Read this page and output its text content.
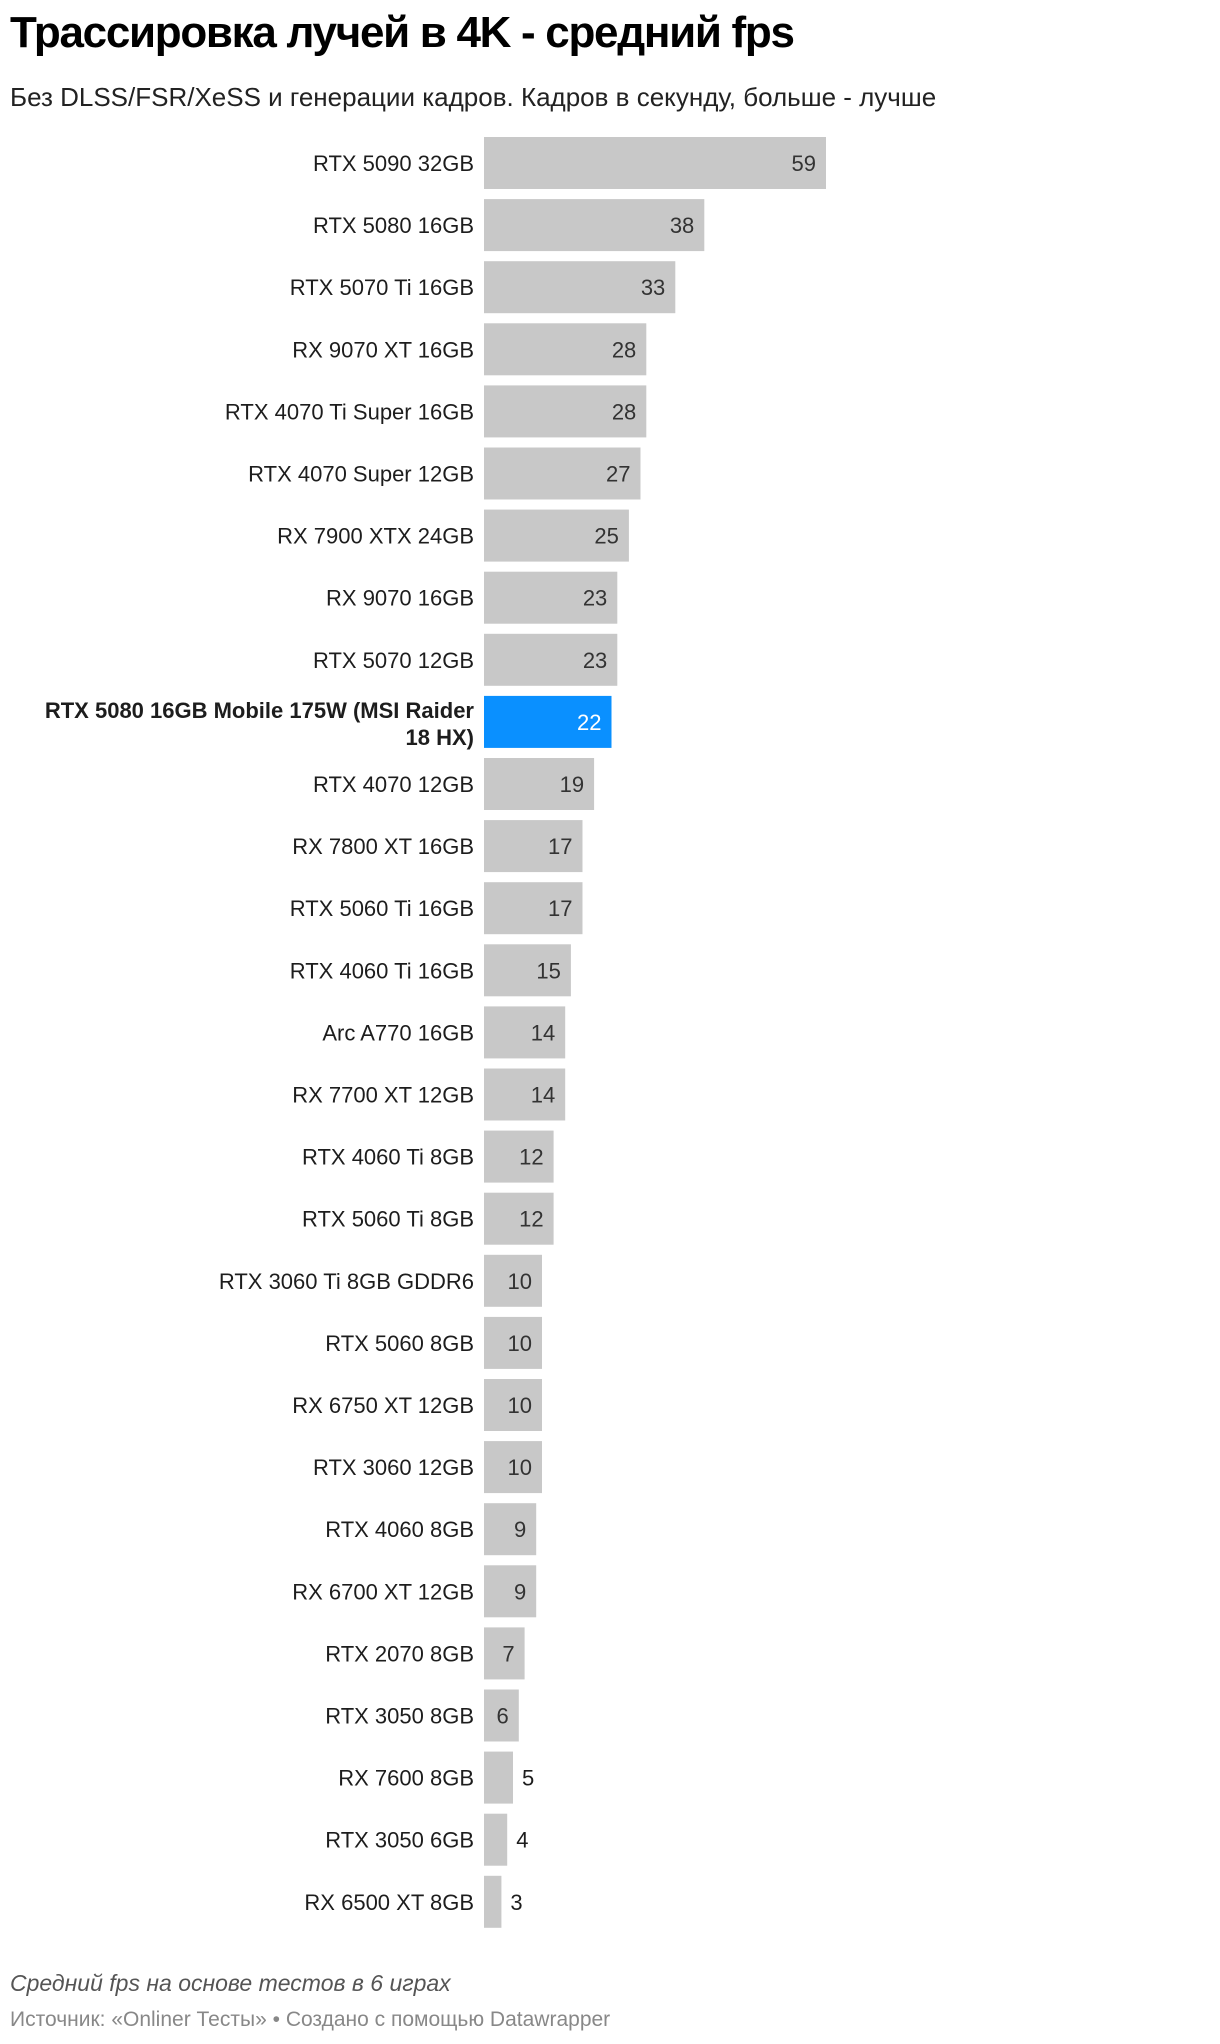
Трассировка лучей в 4K - средний fps

Без DLSS/FSR/XeSS и генерации кадров. Кадров в секунду, больше - лучше

RTX 5090 32GB	59
RTX 5080 16GB	38
RTX 5070 Ti 16GB	33
RX 9070 XT 16GB	28
RTX 4070 Ti Super 16GB	28
RTX 4070 Super 12GB	27
RX 7900 XTX 24GB	25
RX 9070 16GB	23
RTX 5070 12GB	23
RTX 5080 16GB Mobile 175W (MSI Raider 18 HX)
22
RTX 4070 12GB	19
RX 7800 XT 16GB	17
RTX 5060 Ti 16GB	17
RTX 4060 Ti 16GB	15
Arc A770 16GB	14
RX 7700 XT 12GB	14
RTX 4060 Ti 8GB 12
RTX 5060 Ti 8GB 12
RTX 3060 Ti 8GB GDDR6 10
RTX 5060 8GB 10
RX 6750 XT 12GB 10
RTX 3060 12GB 10
RTX 4060 8GB 9
RX 6700 XT 12GB 9
RTX 2070 8GB 7
RTX 3050 8GB 6
RX 7600 8GB 5
RTX 3050 6GB 4
RX 6500 XT 8GB 3
Средний fps на основе тестов в 6 играх
Источник: «Onliner Тесты» • Создано с помощью Datawrapper
